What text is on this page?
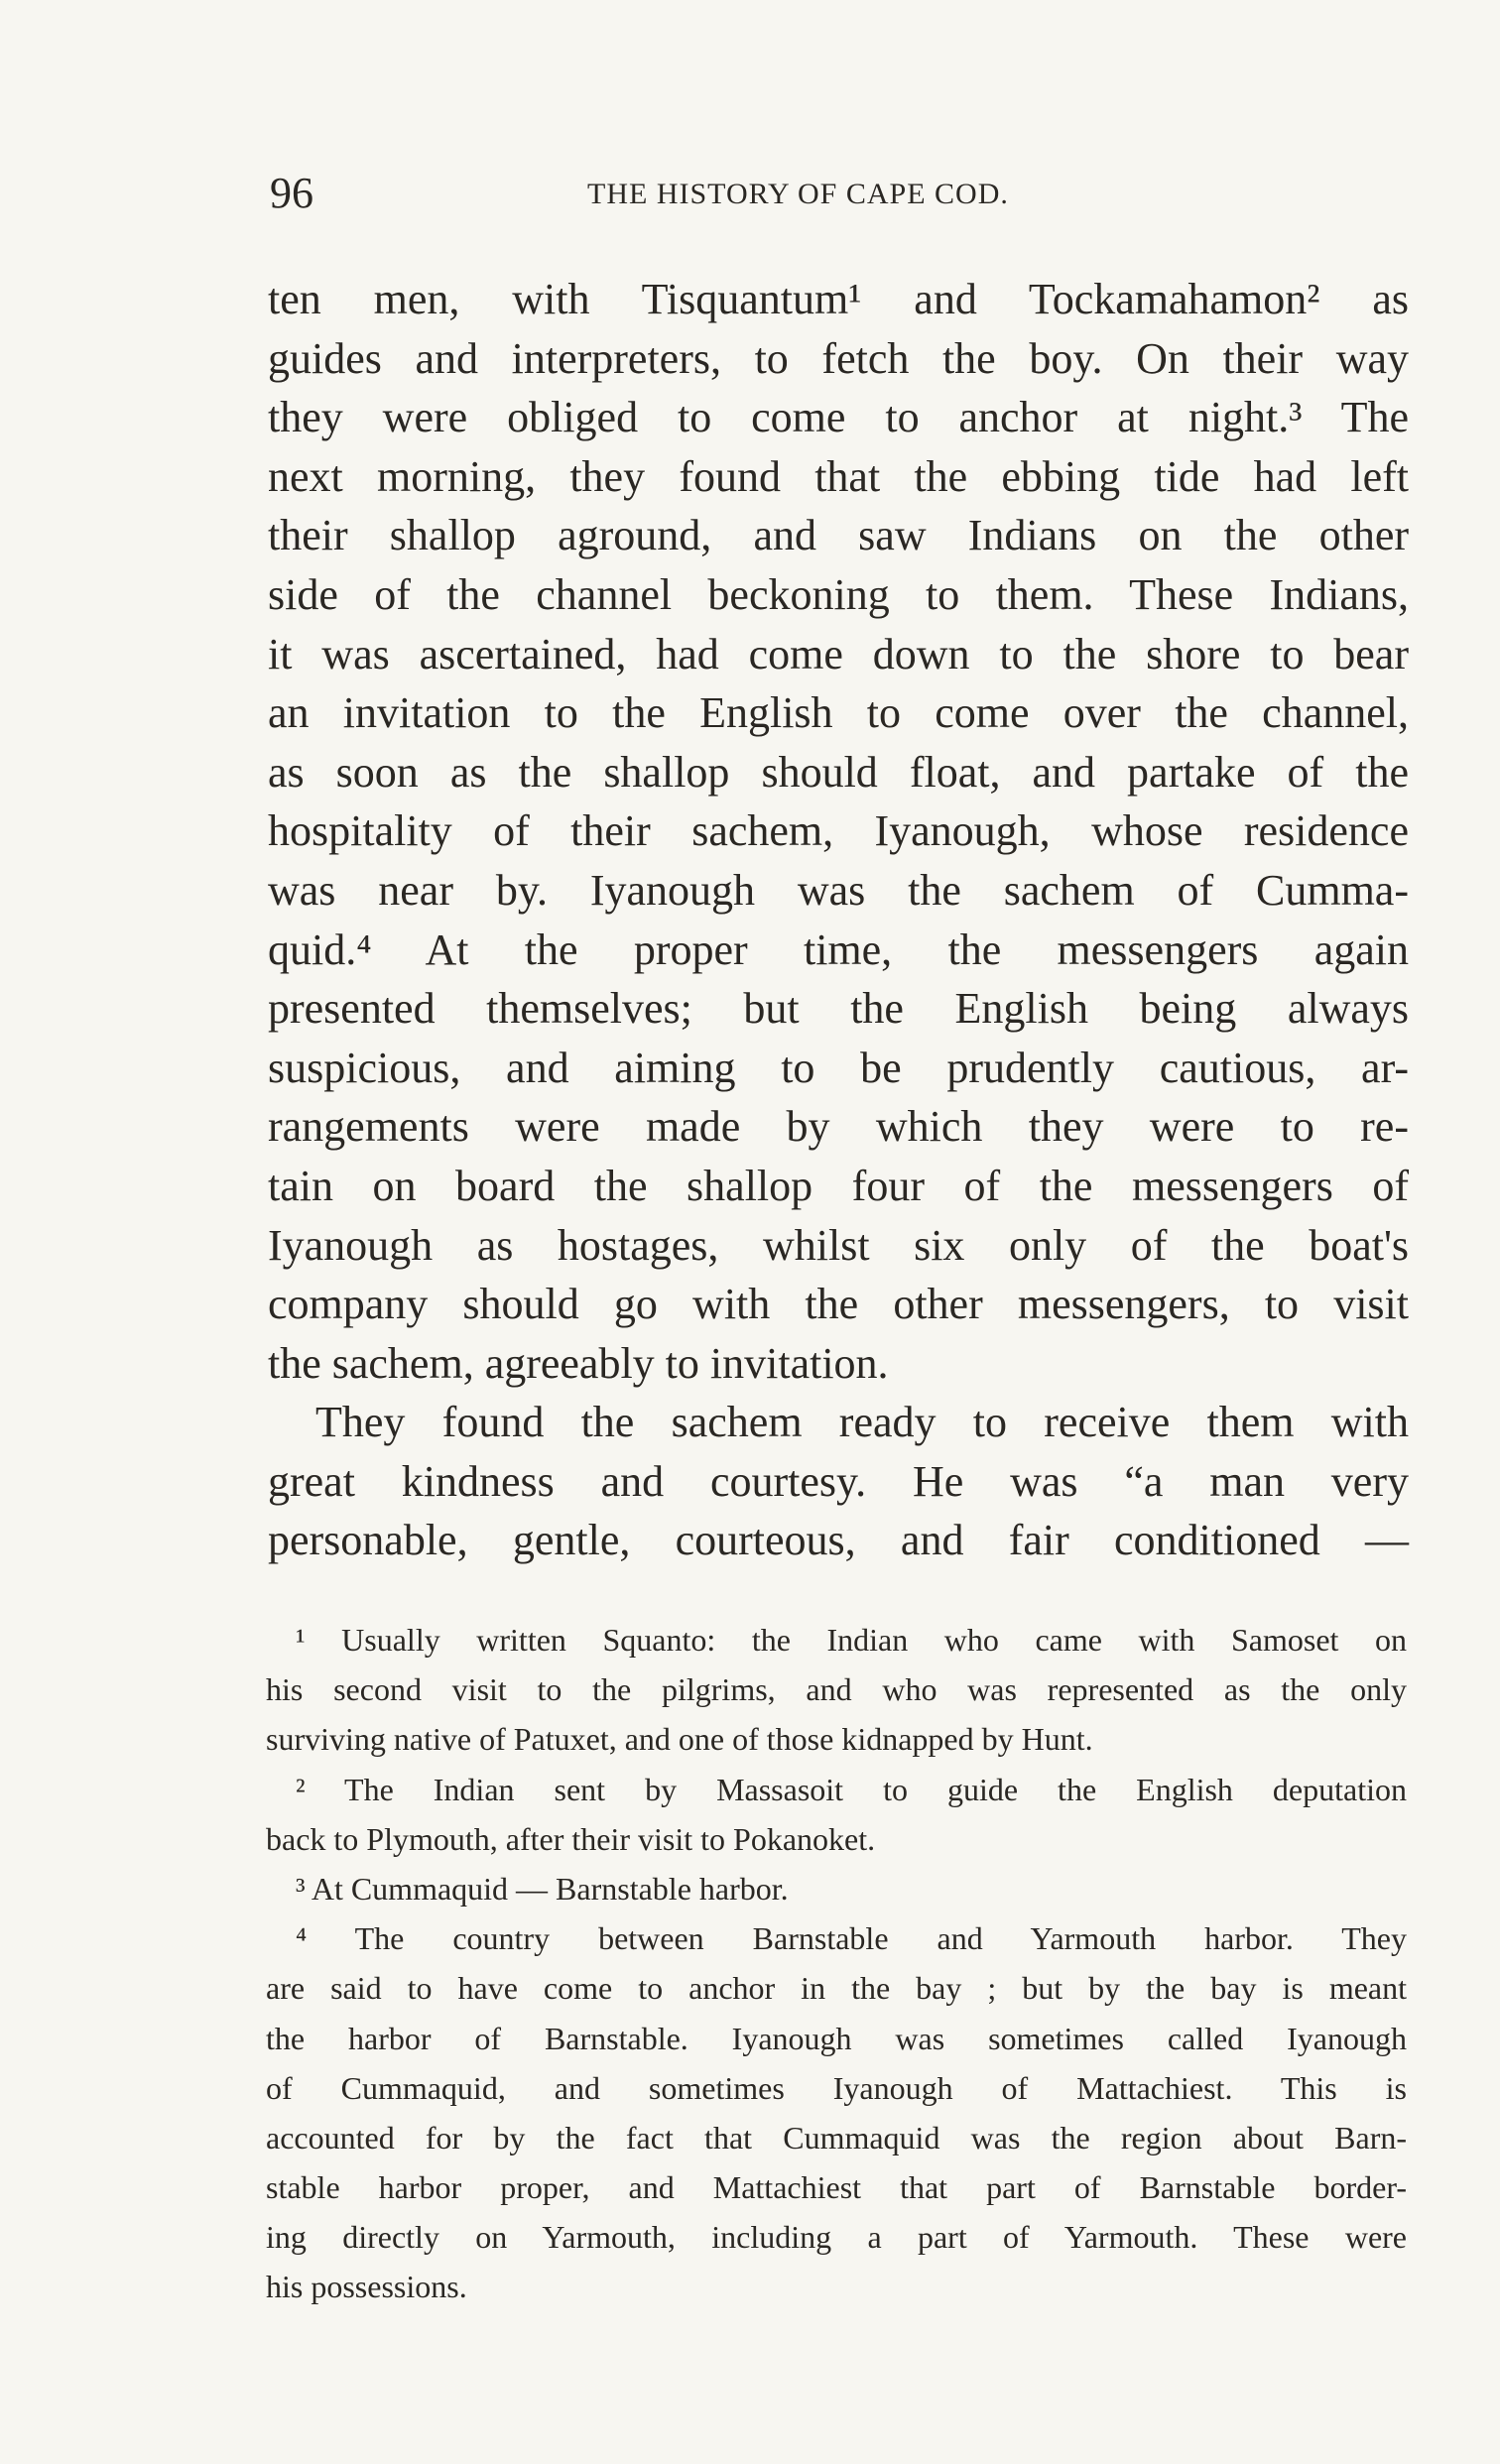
96	THE HISTORY OF CAPE COD.
ten men, with Tisquantum¹ and Tockamahamon² as
guides and interpreters, to fetch the boy. On their way
they were obliged to come to anchor at night.³ The
next morning, they found that the ebbing tide had left
their shallop aground, and saw Indians on the other
side of the channel beckoning to them. These Indians,
it was ascertained, had come down to the shore to bear
an invitation to the English to come over the channel,
as soon as the shallop should float, and partake of the
hospitality of their sachem, Iyanough, whose residence
was near by. Iyanough was the sachem of Cumma-
quid.⁴ At the proper time, the messengers again
presented themselves; but the English being always
suspicious, and aiming to be prudently cautious, ar-
rangements were made by which they were to re-
tain on board the shallop four of the messengers of
Iyanough as hostages, whilst six only of the boat's
company should go with the other messengers, to visit
the sachem, agreeably to invitation.
They found the sachem ready to receive them with
great kindness and courtesy. He was “a man very
personable, gentle, courteous, and fair conditioned —
¹ Usually written Squanto: the Indian who came with Samoset on
his second visit to the pilgrims, and who was represented as the only
surviving native of Patuxet, and one of those kidnapped by Hunt.
² The Indian sent by Massasoit to guide the English deputation
back to Plymouth, after their visit to Pokanoket.
³ At Cummaquid — Barnstable harbor.
⁴ The country between Barnstable and Yarmouth harbor. They
are said to have come to anchor in the bay ; but by the bay is meant
the harbor of Barnstable. Iyanough was sometimes called Iyanough
of Cummaquid, and sometimes Iyanough of Mattachiest. This is
accounted for by the fact that Cummaquid was the region about Barn-
stable harbor proper, and Mattachiest that part of Barnstable border-
ing directly on Yarmouth, including a part of Yarmouth. These were
his possessions.
